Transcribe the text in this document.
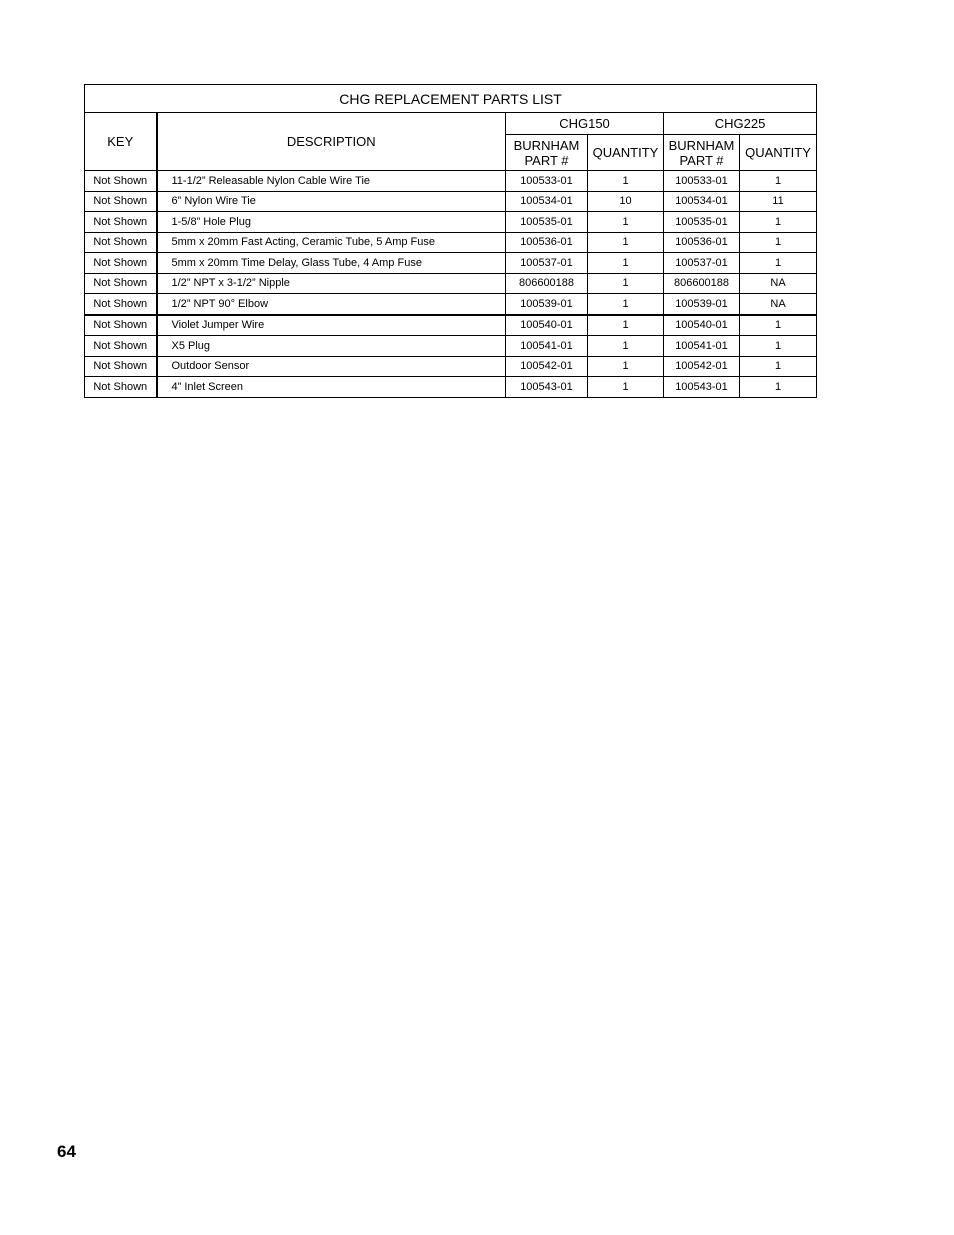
CHG REPLACEMENT PARTS LIST					
KEY	DESCRIPTION	CHG150		CHG225	
		BURNHAM PART #	QUANTITY	BURNHAM PART #	QUANTITY
Not Shown	11-1/2” Releasable Nylon Cable Wire Tie	100533-01	1	100533-01	1
Not Shown	6” Nylon Wire Tie	100534-01	10	100534-01	11
Not Shown	1-5/8” Hole Plug	100535-01	1	100535-01	1
Not Shown	5mm x 20mm Fast Acting, Ceramic Tube, 5 Amp Fuse	100536-01	1	100536-01	1
Not Shown	5mm x 20mm Time Delay, Glass Tube, 4 Amp Fuse	100537-01	1	100537-01	1
Not Shown	1/2” NPT x 3-1/2” Nipple	806600188	1	806600188	NA
Not Shown	1/2” NPT 90° Elbow	100539-01	1	100539-01	NA
Not Shown	Violet Jumper Wire	100540-01	1	100540-01	1
Not Shown	X5 Plug	100541-01	1	100541-01	1
Not Shown	Outdoor Sensor	100542-01	1	100542-01	1
Not Shown	4” Inlet Screen	100543-01	1	100543-01	1
64
